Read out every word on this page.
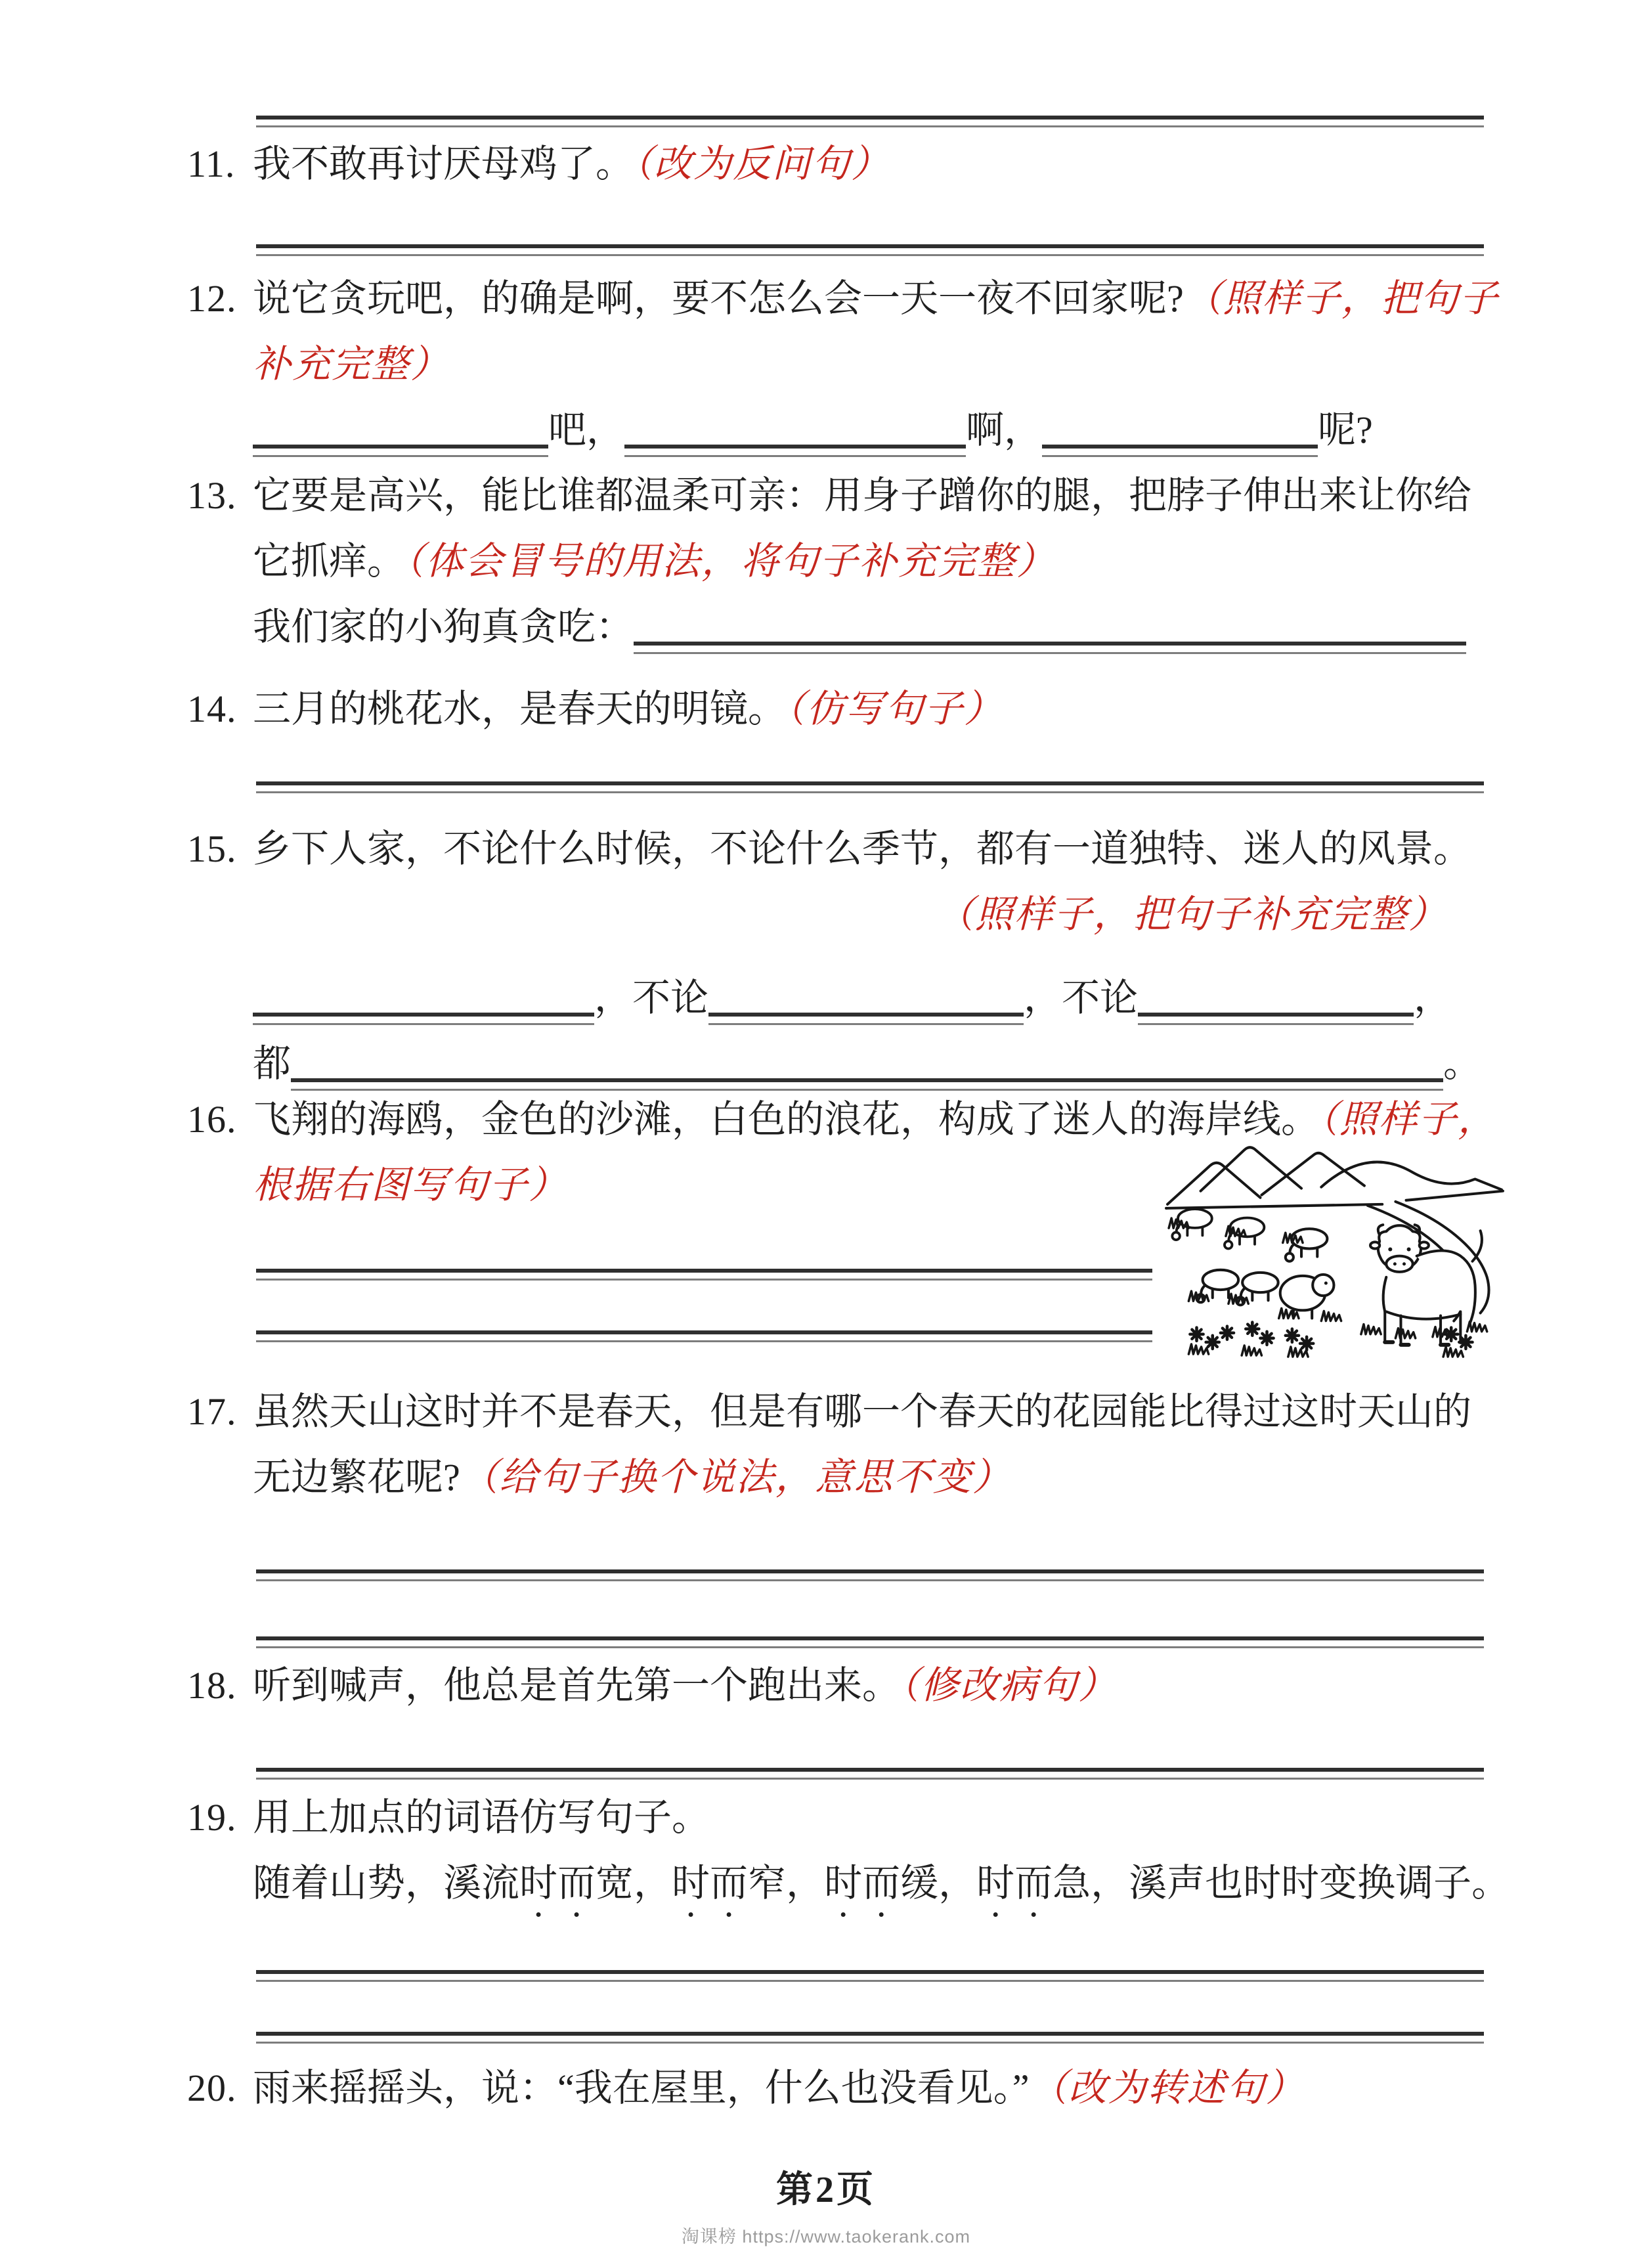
11. 我不敢再讨厌母鸡了。（改为反问句）

12. 说它贪玩吧，的确是啊，要不怎么会一天一夜不回家呢?（照样子，把句子

补充完整）

吧，	啊，	呢?

13. 它要是高兴，能比谁都温柔可亲：用身子蹭你的腿，把脖子伸出来让你给

它抓痒。（体会冒号的用法，将句子补充完整）

我们家的小狗真贪吃：

14. 三月的桃花水，是春天的明镜。（仿写句子）

15. 乡下人家，不论什么时候，不论什么季节，都有一道独特、迷人的风景。

（照样子，把句子补充完整）

，不论	，不论	，

都	。

16. 飞翔的海鸥，金色的沙滩，白色的浪花，构成了迷人的海岸线。（照样子，

根据右图写句子）

17. 虽然天山这时并不是春天，但是有哪一个春天的花园能比得过这时天山的

无边繁花呢?（给句子换个说法，意思不变）

18. 听到喊声，他总是首先第一个跑出来。（修改病句）

19. 用上加点的词语仿写句子。

随着山势，溪流时而宽，时而窄，时而缓，时而急，溪声也时时变换调子。

20. 雨来摇摇头，说：“我在屋里，什么也没看见。”（改为转述句）

第2页
淘课榜 https://www.taokerank.com
